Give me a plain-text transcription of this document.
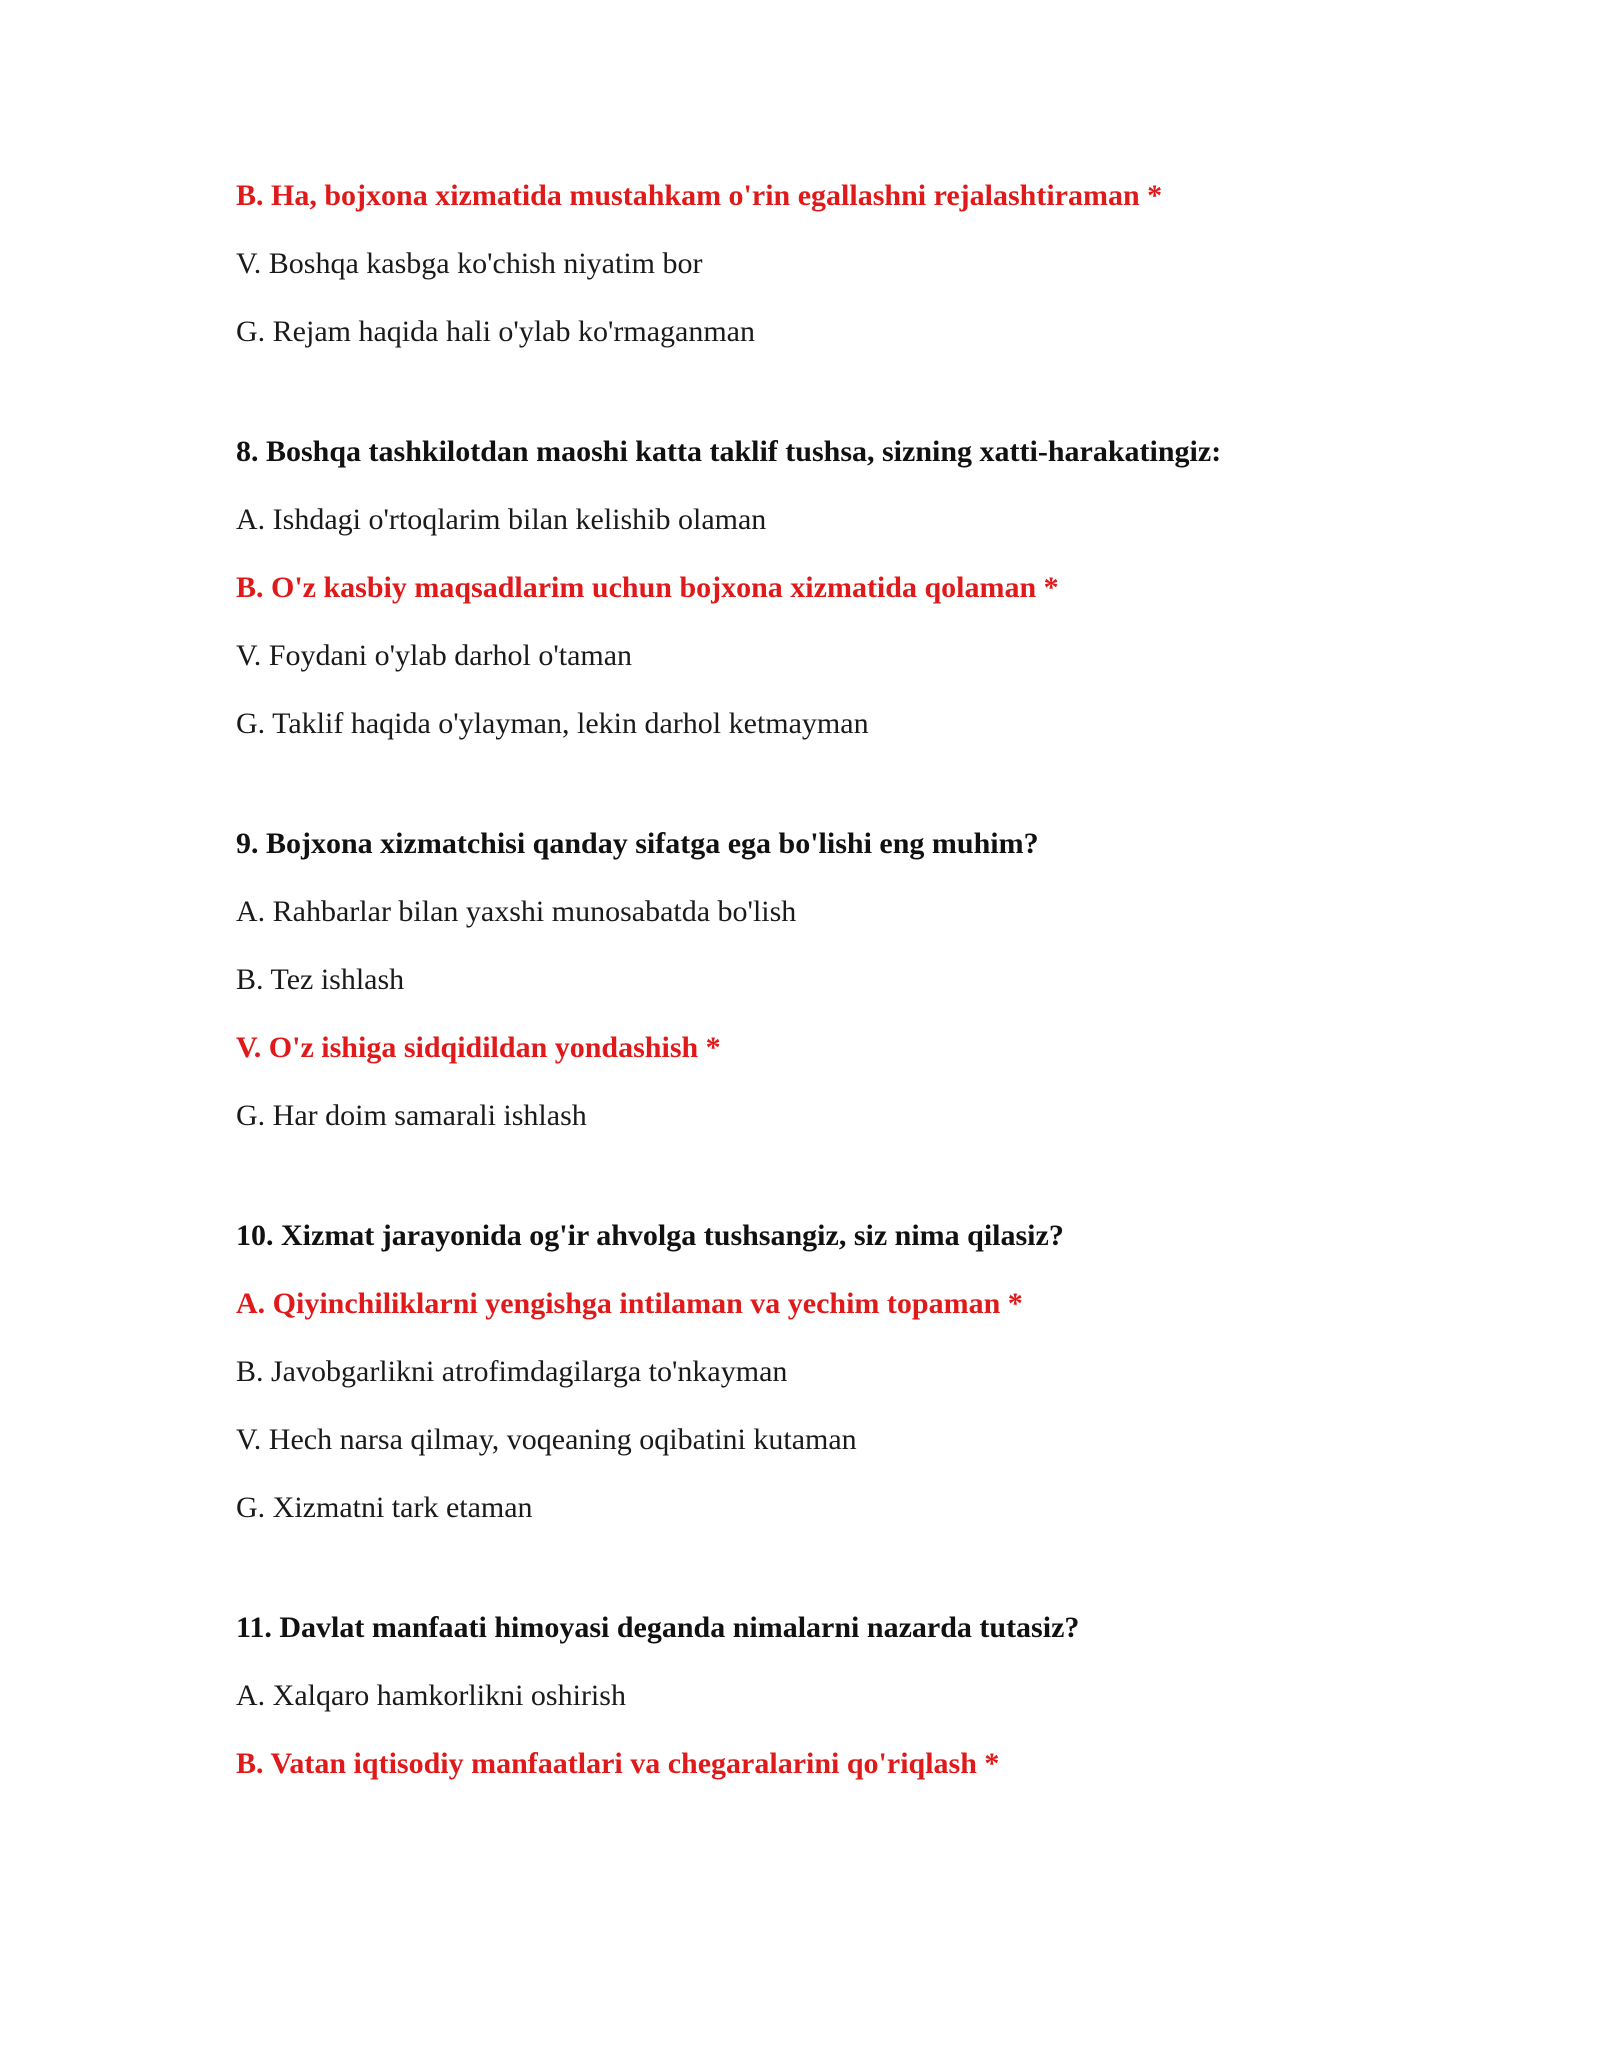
B. Ha, bojxona xizmatida mustahkam o'rin egallashni rejalashtiraman *
V. Boshqa kasbga ko'chish niyatim bor
G. Rejam haqida hali o'ylab ko'rmaganman
8. Boshqa tashkilotdan maoshi katta taklif tushsa, sizning xatti-harakatingiz:
A. Ishdagi o'rtoqlarim bilan kelishib olaman
B. O'z kasbiy maqsadlarim uchun bojxona xizmatida qolaman *
V. Foydani o'ylab darhol o'taman
G. Taklif haqida o'ylayman, lekin darhol ketmayman
9. Bojxona xizmatchisi qanday sifatga ega bo'lishi eng muhim?
A. Rahbarlar bilan yaxshi munosabatda bo'lish
B. Tez ishlash
V. O'z ishiga sidqidildan yondashish *
G. Har doim samarali ishlash
10. Xizmat jarayonida og'ir ahvolga tushsangiz, siz nima qilasiz?
A. Qiyinchiliklarni yengishga intilaman va yechim topaman *
B. Javobgarlikni atrofimdagilarga to'nkayman
V. Hech narsa qilmay, voqeaning oqibatini kutaman
G. Xizmatni tark etaman
11. Davlat manfaati himoyasi deganda nimalarni nazarda tutasiz?
A. Xalqaro hamkorlikni oshirish
B. Vatan iqtisodiy manfaatlari va chegaralarini qo'riqlash *
